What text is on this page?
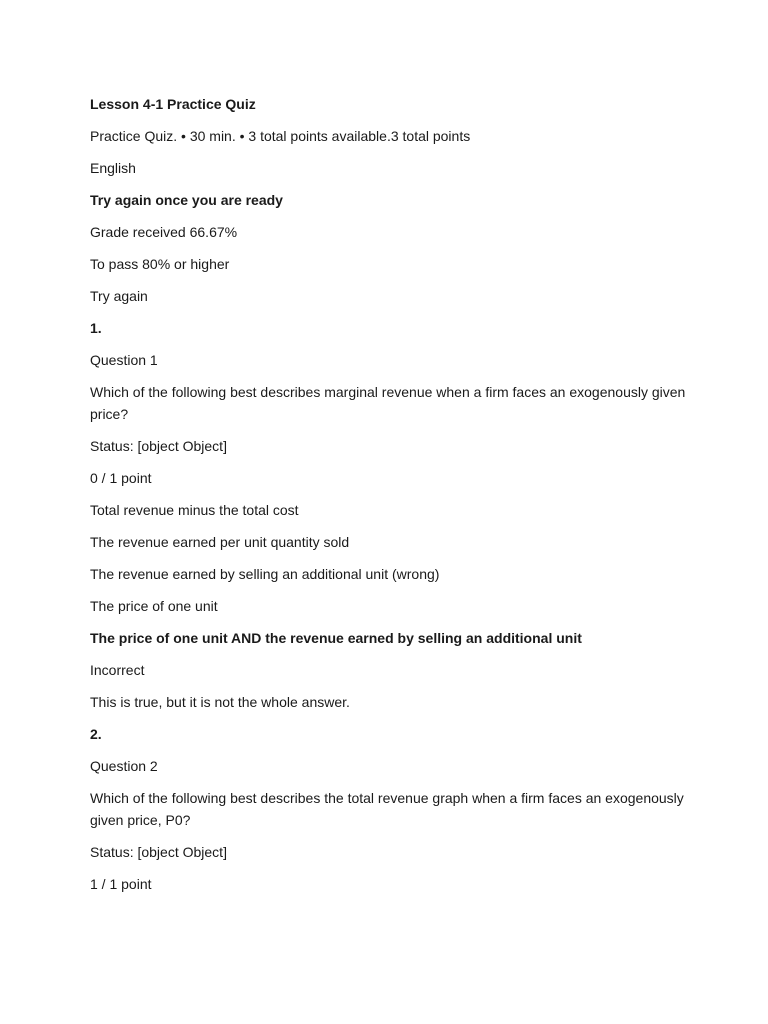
Lesson 4-1 Practice Quiz

Practice Quiz. • 30 min. • 3 total points available.3 total points

English

Try again once you are ready

Grade received 66.67%

To pass 80% or higher

Try again

1.

Question 1

Which of the following best describes marginal revenue when a firm faces an exogenously given price?

Status: [object Object]

0 / 1 point

Total revenue minus the total cost

The revenue earned per unit quantity sold

The revenue earned by selling an additional unit (wrong)

The price of one unit

The price of one unit AND the revenue earned by selling an additional unit

Incorrect

This is true, but it is not the whole answer.

2.

Question 2

Which of the following best describes the total revenue graph when a firm faces an exogenously given price, P0?

Status: [object Object]

1 / 1 point
